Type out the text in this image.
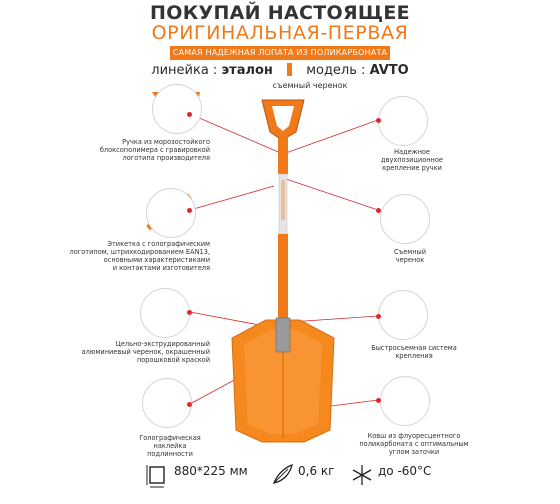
ПОКУПАЙ НАСТОЯЩЕЕ
ОРИГИНАЛЬНАЯ-ПЕРВАЯ
САМАЯ НАДЕЖНАЯ ЛОПАТА ИЗ ПОЛИКАРБОНАТА
линейка : эталон	модель : AVTO
съемный черенок
Ручка из морозостойкого
блоксополимера с гравировкой
логотипа производителя
Надежное
двухпозиционное
крепление ручки
Этикетка с голографическим
логотипом, штрихкодированием EAN13,
основными характеристиками
и контактами изготовителя
Съемный
черенок
Цельно-экструдированный
алюминиевый черенок, окрашенный
порошковой краской
Быстросъемная система
крепления
Голографическая
наклейка подлинности
Ковш из флуоресцентного
поликарбоната с оптимальным
углом заточки
880*225 мм	0,6 кг	до -60°С
